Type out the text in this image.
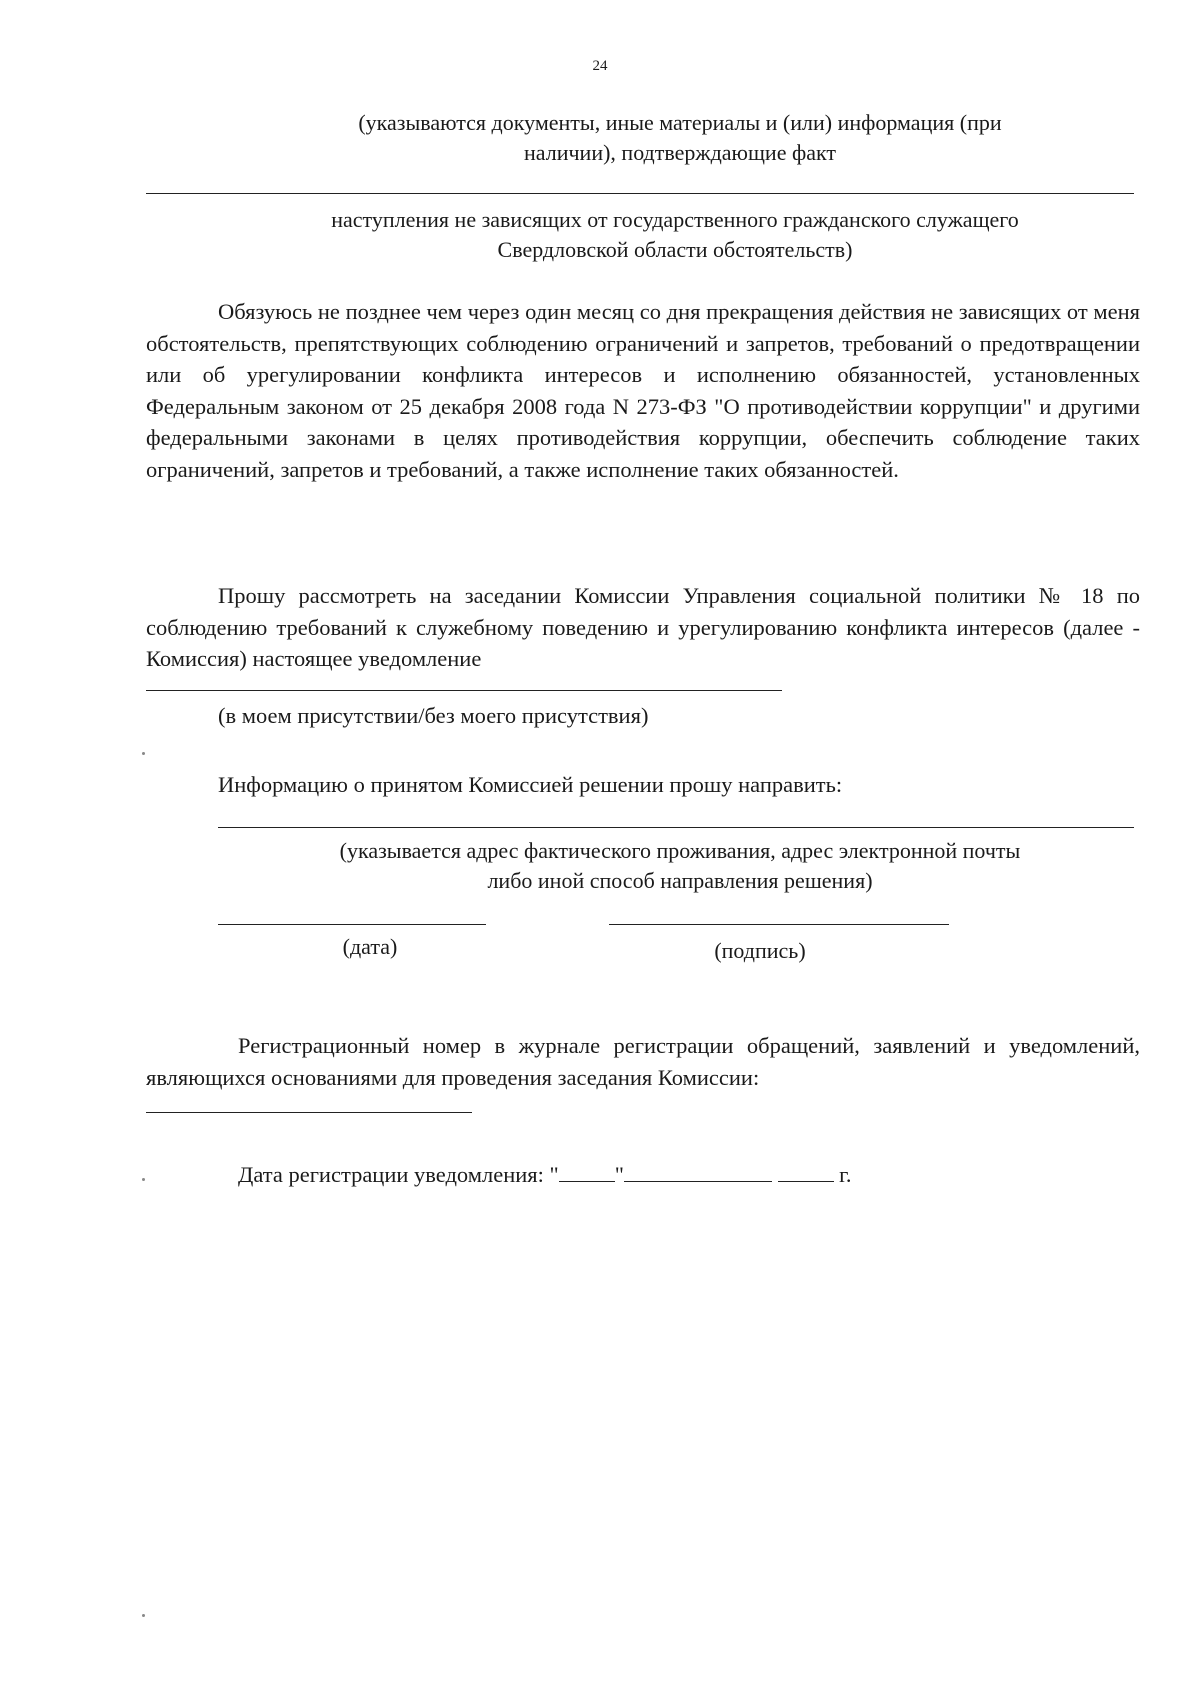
24
(указываются документы, иные материалы и (или) информация (при
наличии), подтверждающие факт
наступления не зависящих от государственного гражданского служащего
Свердловской области обстоятельств)
Обязуюсь не позднее чем через один месяц со дня прекращения действия не зависящих от меня обстоятельств, препятствующих соблюдению ограничений и запретов, требований о предотвращении или об урегулировании конфликта интересов и исполнению обязанностей, установленных Федеральным законом от 25 декабря 2008 года N 273-ФЗ "О противодействии коррупции" и другими федеральными законами в целях противодействия коррупции, обеспечить соблюдение таких ограничений, запретов и требований, а также исполнение таких обязанностей.
Прошу рассмотреть на заседании Комиссии Управления социальной политики № 18 по соблюдению требований к служебному поведению и урегулированию конфликта интересов (далее - Комиссия) настоящее уведомление
(в моем присутствии/без моего присутствия)
Информацию о принятом Комиссией решении прошу направить:
(указывается адрес фактического проживания, адрес электронной почты
либо иной способ направления решения)
(дата)	(подпись)
Регистрационный номер в журнале регистрации обращений, заявлений и уведомлений, являющихся основаниями для проведения заседания Комиссии:
Дата регистрации уведомления: " "	г.
